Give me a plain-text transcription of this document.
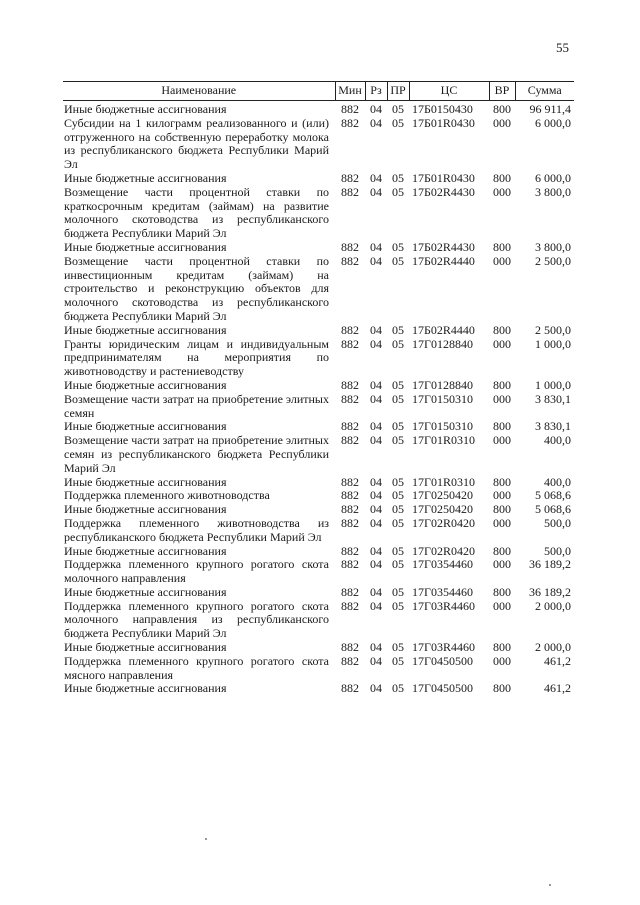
55
Наименование	Мин	Рз	ПР	ЦС	ВР	Сумма
Иные бюджетные ассигнования	882	04	05	17Б0150430	800	96 911,4
Субсидии на 1 килограмм реализованного и (или) отгруженного на собственную переработку молока из республиканского бюджета Республики Марий Эл	882	04	05	17Б01R0430	000	6 000,0
Иные бюджетные ассигнования	882	04	05	17Б01R0430	800	6 000,0
Возмещение части процентной ставки по краткосрочным кредитам (займам) на развитие молочного скотоводства из республиканского бюджета Республики Марий Эл	882	04	05	17Б02R4430	000	3 800,0
Иные бюджетные ассигнования	882	04	05	17Б02R4430	800	3 800,0
Возмещение части процентной ставки по инвестиционным кредитам (займам) на строительство и реконструкцию объектов для молочного скотоводства из республиканского бюджета Республики Марий Эл	882	04	05	17Б02R4440	000	2 500,0
Иные бюджетные ассигнования	882	04	05	17Б02R4440	800	2 500,0
Гранты юридическим лицам и индивидуальным предпринимателям на мероприятия по животноводству и растениеводству	882	04	05	17Г0128840	000	1 000,0
Иные бюджетные ассигнования	882	04	05	17Г0128840	800	1 000,0
Возмещение части затрат на приобретение элитных семян	882	04	05	17Г0150310	000	3 830,1
Иные бюджетные ассигнования	882	04	05	17Г0150310	800	3 830,1
Возмещение части затрат на приобретение элитных семян из республиканского бюджета Республики Марий Эл	882	04	05	17Г01R0310	000	400,0
Иные бюджетные ассигнования	882	04	05	17Г01R0310	800	400,0
Поддержка племенного животноводства	882	04	05	17Г0250420	000	5 068,6
Иные бюджетные ассигнования	882	04	05	17Г0250420	800	5 068,6
Поддержка племенного животноводства из республиканского бюджета Республики Марий Эл	882	04	05	17Г02R0420	000	500,0
Иные бюджетные ассигнования	882	04	05	17Г02R0420	800	500,0
Поддержка племенного крупного рогатого скота молочного направления	882	04	05	17Г0354460	000	36 189,2
Иные бюджетные ассигнования	882	04	05	17Г0354460	800	36 189,2
Поддержка племенного крупного рогатого скота молочного направления из республиканского бюджета Республики Марий Эл	882	04	05	17Г03R4460	000	2 000,0
Иные бюджетные ассигнования	882	04	05	17Г03R4460	800	2 000,0
Поддержка племенного крупного рогатого скота мясного направления	882	04	05	17Г0450500	000	461,2
Иные бюджетные ассигнования	882	04	05	17Г0450500	800	461,2
